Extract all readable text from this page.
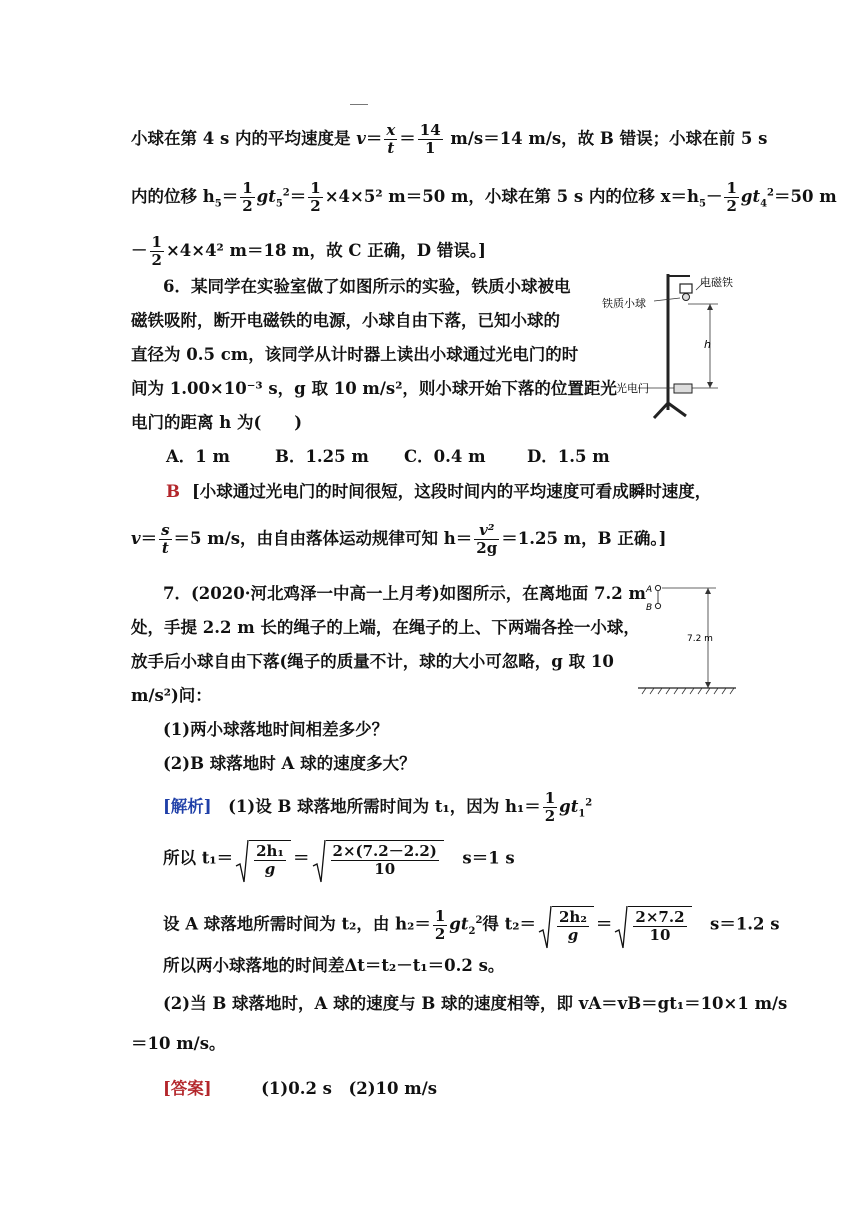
小球在第 4 s 内的平均速度是 $v= \frac{x}{t} = \frac{14}{1} m/s=14$ m/s，故 B 错误；小球在前 5 s
内的位移 $h_5= \frac{1}{2} gt_5^2= \frac{1}{2} \times 4\times 5^2$ m＝50 m，小球在第 5 s 内的位移 $x=h_5- \frac{1}{2} gt_4^2=50$ m
－ $\frac{1}{2} \times 4\times 4^2$ m＝18 m，故 C 正确，D 错误。]
6．某同学在实验室做了如图所示的实验，铁质小球被电
磁铁吸附，断开电磁铁的电源，小球自由下落，已知小球的
直径为 0.5 cm，该同学从计时器上读出小球通过光电门的时
间为 1.00×10⁻³ s，g 取 10 m/s²，则小球开始下落的位置距光
电门的距离 h 为(　　)
A．1 m	B．1.25 m C．0.4 m	D．1.5 m
B [小球通过光电门的时间很短，这段时间内的平均速度可看成瞬时速度，
$v= \frac{s}{t} =5$ m/s，由自由落体运动规律可知 $h= \frac{\text{v²}}{2g} =1.25$ m，B 正确。]
电磁铁
铁质小球
h
光电门
7．(2020·河北鸡泽一中高一上月考)如图所示，在离地面 7.2 m
处，手提 2.2 m 长的绳子的上端，在绳子的上、下两端各拴一小球，
放手后小球自由下落(绳子的质量不计，球的大小可忽略，g 取 10
m/s²)问：
(1)两小球落地时间相差多少？
(2)B 球落地时 A 球的速度多大？
A
B
7.2 m
[解析]　 (1)设 B 球落地所需时间为 t₁，因为 $h_1= \frac{1}{2} gt_1^2$
所以 $t_1= \frac{\text{2h₁}}{g} = \frac{2\times(7.2-2.2)}{10}$
　 s＝1 s
设 A 球落地所需时间为 t₂，由 $h_2= \frac{1}{2} gt_2^2$得 $t_2= \frac{\text{2h₂}}{g} = \frac{2\times 7.2}{10}$
　 s＝1.2 s
所以两小球落地的时间差Δt＝t₂－t₁＝0.2 s。
(2)当 B 球落地时，A 球的速度与 B 球的速度相等，即 vA＝vB＝gt₁＝10×1 m/s
＝10 m/s。
[答案]　　　	(1)0.2 s　(2)10 m/s
